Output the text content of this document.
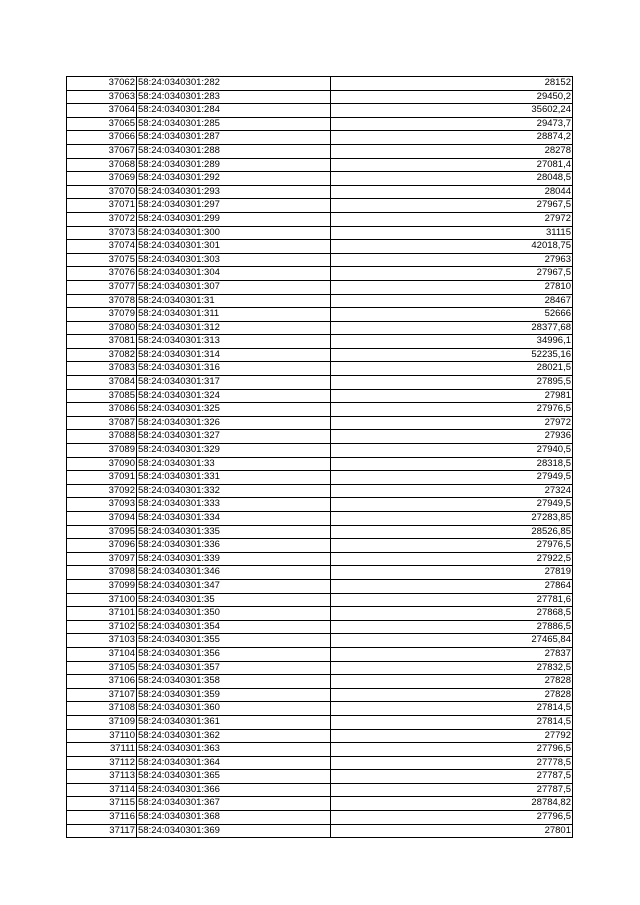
37062	58:24:0340301:282	28152
37063	58:24:0340301:283	29450,2
37064	58:24:0340301:284	35602,24
37065	58:24:0340301:285	29473,7
37066	58:24:0340301:287	28874,2
37067	58:24:0340301:288	28278
37068	58:24:0340301:289	27081,4
37069	58:24:0340301:292	28048,5
37070	58:24:0340301:293	28044
37071	58:24:0340301:297	27967,5
37072	58:24:0340301:299	27972
37073	58:24:0340301:300	31115
37074	58:24:0340301:301	42018,75
37075	58:24:0340301:303	27963
37076	58:24:0340301:304	27967,5
37077	58:24:0340301:307	27810
37078	58:24:0340301:31	28467
37079	58:24:0340301:311	52666
37080	58:24:0340301:312	28377,68
37081	58:24:0340301:313	34996,1
37082	58:24:0340301:314	52235,16
37083	58:24:0340301:316	28021,5
37084	58:24:0340301:317	27895,5
37085	58:24:0340301:324	27981
37086	58:24:0340301:325	27976,5
37087	58:24:0340301:326	27972
37088	58:24:0340301:327	27936
37089	58:24:0340301:329	27940,5
37090	58:24:0340301:33	28318,5
37091	58:24:0340301:331	27949,5
37092	58:24:0340301:332	27324
37093	58:24:0340301:333	27949,5
37094	58:24:0340301:334	27283,85
37095	58:24:0340301:335	28526,85
37096	58:24:0340301:336	27976,5
37097	58:24:0340301:339	27922,5
37098	58:24:0340301:346	27819
37099	58:24:0340301:347	27864
37100	58:24:0340301:35	27781,6
37101	58:24:0340301:350	27868,5
37102	58:24:0340301:354	27886,5
37103	58:24:0340301:355	27465,84
37104	58:24:0340301:356	27837
37105	58:24:0340301:357	27832,5
37106	58:24:0340301:358	27828
37107	58:24:0340301:359	27828
37108	58:24:0340301:360	27814,5
37109	58:24:0340301:361	27814,5
37110	58:24:0340301:362	27792
37111	58:24:0340301:363	27796,5
37112	58:24:0340301:364	27778,5
37113	58:24:0340301:365	27787,5
37114	58:24:0340301:366	27787,5
37115	58:24:0340301:367	28784,82
37116	58:24:0340301:368	27796,5
37117	58:24:0340301:369	27801
